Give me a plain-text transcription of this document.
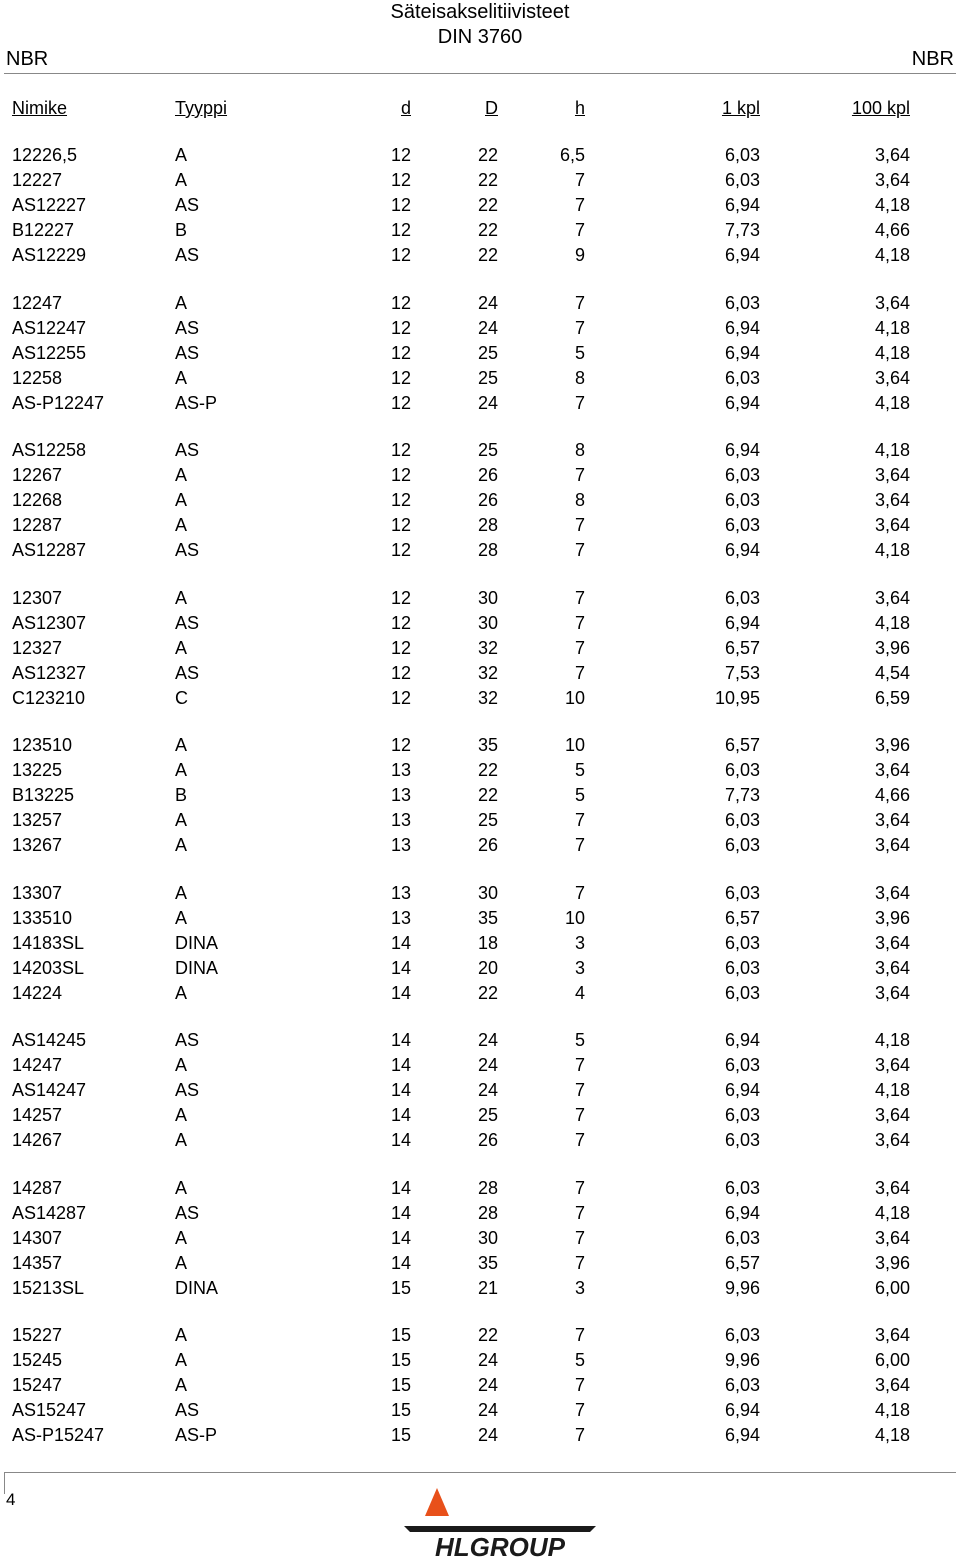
Säteisakselitiivisteet
DIN 3760
NBR	NBR
Nimike	Tyyppi	d	D	h	1 kpl	100 kpl
12226,5	A	12	22	6,5	6,03	3,64
12227	A	12	22	7	6,03	3,64
AS12227	AS	12	22	7	6,94	4,18
B12227	B	12	22	7	7,73	4,66
AS12229	AS	12	22	9	6,94	4,18
12247	A	12	24	7	6,03	3,64
AS12247	AS	12	24	7	6,94	4,18
AS12255	AS	12	25	5	6,94	4,18
12258	A	12	25	8	6,03	3,64
AS-P12247	AS-P	12	24	7	6,94	4,18
AS12258	AS	12	25	8	6,94	4,18
12267	A	12	26	7	6,03	3,64
12268	A	12	26	8	6,03	3,64
12287	A	12	28	7	6,03	3,64
AS12287	AS	12	28	7	6,94	4,18
12307	A	12	30	7	6,03	3,64
AS12307	AS	12	30	7	6,94	4,18
12327	A	12	32	7	6,57	3,96
AS12327	AS	12	32	7	7,53	4,54
C123210	C	12	32	10	10,95	6,59
123510	A	12	35	10	6,57	3,96
13225	A	13	22	5	6,03	3,64
B13225	B	13	22	5	7,73	4,66
13257	A	13	25	7	6,03	3,64
13267	A	13	26	7	6,03	3,64
13307	A	13	30	7	6,03	3,64
133510	A	13	35	10	6,57	3,96
14183SL	DINA	14	18	3	6,03	3,64
14203SL	DINA	14	20	3	6,03	3,64
14224	A	14	22	4	6,03	3,64
AS14245	AS	14	24	5	6,94	4,18
14247	A	14	24	7	6,03	3,64
AS14247	AS	14	24	7	6,94	4,18
14257	A	14	25	7	6,03	3,64
14267	A	14	26	7	6,03	3,64
14287	A	14	28	7	6,03	3,64
AS14287	AS	14	28	7	6,94	4,18
14307	A	14	30	7	6,03	3,64
14357	A	14	35	7	6,57	3,96
15213SL	DINA	15	21	3	9,96	6,00
15227	A	15	22	7	6,03	3,64
15245	A	15	24	5	9,96	6,00
15247	A	15	24	7	6,03	3,64
AS15247	AS	15	24	7	6,94	4,18
AS-P15247	AS-P	15	24	7	6,94	4,18
4
HLGROUP
